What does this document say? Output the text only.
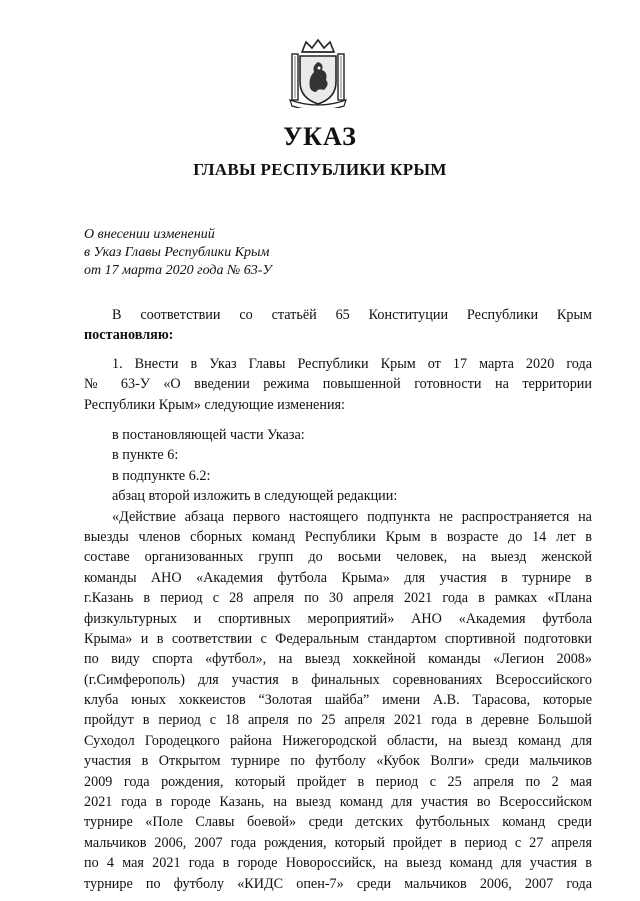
УКАЗ
ГЛАВЫ РЕСПУБЛИКИ КРЫМ
О внесении изменений
в Указ Главы Республики Крым
от 17 марта 2020 года № 63-У
В соответствии со статьёй 65 Конституции Республики Крым
постановляю:
1. Внести в Указ Главы Республики Крым от 17 марта 2020 года
№ 63-У «О введении режима повышенной готовности на территории
Республики Крым» следующие изменения:
в постановляющей части Указа:
в пункте 6:
в подпункте 6.2:
абзац второй изложить в следующей редакции:
«Действие абзаца первого настоящего подпункта не распространяется на
выезды членов сборных команд Республики Крым в возрасте до 14 лет в
составе организованных групп до восьми человек, на выезд женской
команды АНО «Академия футбола Крыма» для участия в турнире в
г.Казань в период с 28 апреля по 30 апреля 2021 года в рамках «Плана
физкультурных и спортивных мероприятий» АНО «Академия футбола
Крыма» и в соответствии с Федеральным стандартом спортивной подготовки
по виду спорта «футбол», на выезд хоккейной команды «Легион 2008»
(г.Симферополь) для участия в финальных соревнованиях Всероссийского
клуба юных хоккеистов “Золотая шайба” имени А.В. Тарасова, которые
пройдут в период с 18 апреля по 25 апреля 2021 года в деревне Большой
Суходол Городецкого района Нижегородской области, на выезд команд для
участия в Открытом турнире по футболу «Кубок Волги» среди мальчиков
2009 года рождения, который пройдет в период с 25 апреля по 2 мая
2021 года в городе Казань, на выезд команд для участия во Всероссийском
турнире «Поле Славы боевой» среди детских футбольных команд среди
мальчиков 2006, 2007 года рождения, который пройдет в период с 27 апреля
по 4 мая 2021 года в городе Новороссийск, на выезд команд для участия в
турнире по футболу «КИДС опен-7» среди мальчиков 2006, 2007 года
